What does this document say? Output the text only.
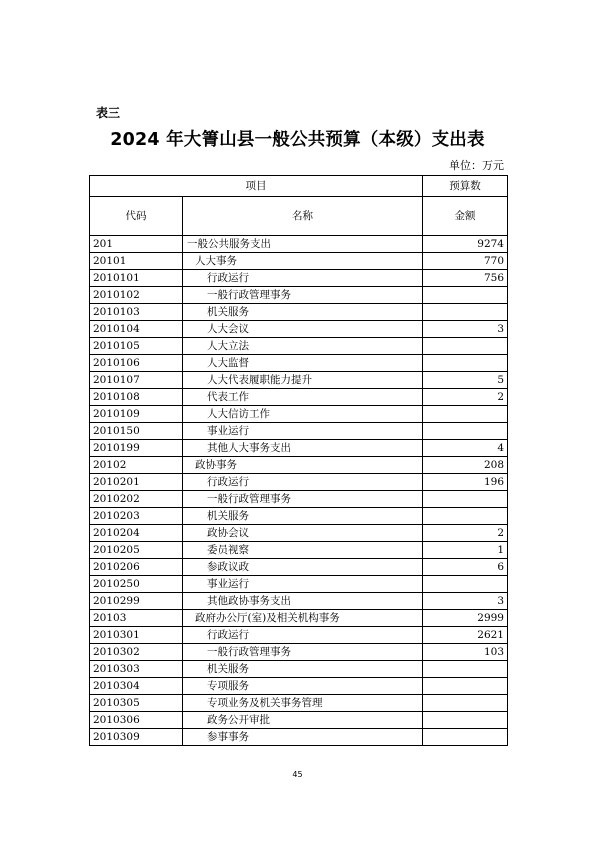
表三
2024 年大箐山县一般公共预算（本级）支出表
单位：万元
项目		预算数
代码	名称	金额
201	一般公共服务支出	9274
20101	人大事务	770
2010101	行政运行	756
2010102	一般行政管理事务	
2010103	机关服务	
2010104	人大会议	3
2010105	人大立法	
2010106	人大监督	
2010107	人大代表履职能力提升	5
2010108	代表工作	2
2010109	人大信访工作	
2010150	事业运行	
2010199	其他人大事务支出	4
20102	政协事务	208
2010201	行政运行	196
2010202	一般行政管理事务	
2010203	机关服务	
2010204	政协会议	2
2010205	委员视察	1
2010206	参政议政	6
2010250	事业运行	
2010299	其他政协事务支出	3
20103	政府办公厅(室)及相关机构事务	2999
2010301	行政运行	2621
2010302	一般行政管理事务	103
2010303	机关服务	
2010304	专项服务	
2010305	专项业务及机关事务管理	
2010306	政务公开审批	
2010309	参事事务	
45
